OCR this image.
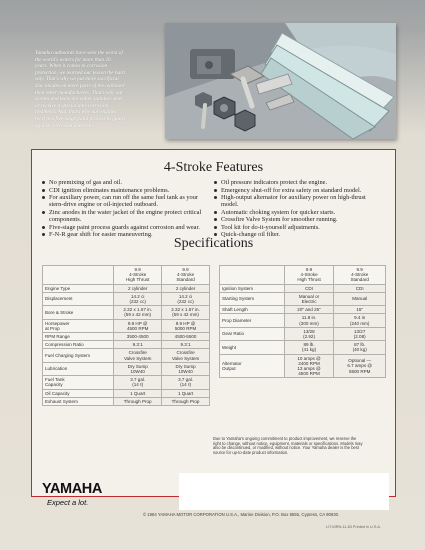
Yamaha outboards have seen the worst of
the world's waters for more than 20
years. When it comes to corrosion
protection, we learned our lesson the hard
way. That's why we put more sacrificial
zinc anodes on more parts of the outboard
than other manufacturers. That's why our
screws and bolts are either stainless steel
or receive a special anti-corrosion
treatment. And, that's why our engines
receive a five-stage paint process to guard
against corrosion and wear.
4-Stroke Features
No premixing of gas and oil.
CDI ignition eliminates maintenance problems.
For auxiliary power, can run off the same fuel tank as your stern-drive engine or oil-injected outboard.
Zinc anodes in the water jacket of the engine protect critical components.
Five-stage paint process guards against corrosion and wear.
F-N-R gear shift for easier maneuvering.
Oil pressure indicators protect the engine.
Emergency shut-off for extra safety on standard model.
High-output alternator for auxiliary power on high-thrust model.
Automatic choking system for quicker starts.
Crossfire Valve System for smoother running.
Tool kit for do-it-yourself adjustments.
Quick-change oil filter.
Specifications
	9.9
4-Stroke
High Thrust	9.9
4-Stroke
Standard
Engine Type	2 cylinder	2 cylinder
Displacement	14.2 ci
(232 cc)	14.2 ci
(232 cc)
Bore & Stroke	2.32 x 1.67 in.
(59 x 42 mm)	2.32 x 1.67 in.
(59 x 42 mm)
Horsepower
at Prop	9.9 HP @
4500 RPM	9.9 HP @
5000 RPM
RPM Range	3500-4500	4500-5500
Compression Ratio	9.3:1	9.3:1
Fuel Charging System	Crossfire
Valve System	Crossfire
Valve System
Lubrication	Dry Sump
10W40	Dry Sump
10W40
Fuel Tank
Capacity	3.7 gal.
(14 ℓ)	3.7 gal.
(14 ℓ)
Oil Capacity	1 Quart	1 Quart
Exhaust System	Through Prop	Through Prop
	9.9
4-Stroke
High Thrust	9.9
4-Stroke
Standard
Ignition System	CDI	CDI
Starting System	Manual or
Electric	Manual
Shaft Length	20" and 25"	15"
Prop Diameter	11.8 in.
(300 mm)	9.4 in
(240 mm)
Gear Ratio	13/28
(2.92)	13/27
(2.08)
Weight	89 lb.
(41 kg)	87 lb.
(40 kg)
Alternator
Output	10 amps @
2400 RPM
13 amps @
4500 RPM	Optional —
6.7 amps @
5500 RPM
Due to Yamaha's ongoing commitment to product improvement, we reserve the right to change, without notice, equipment, materials or specifications. Models may also be discontinued, or modified, without notice. Your Yamaha dealer is the best source for up-to-date product information.
YAMAHA
Expect a lot.
© 1984 YAMAHA MOTOR CORPORATION U.S.A., Marine Division, P.O. Box 6555, Cypress, CA 90630.
LIT-MRN-11-83 Printed in U.S.A.
